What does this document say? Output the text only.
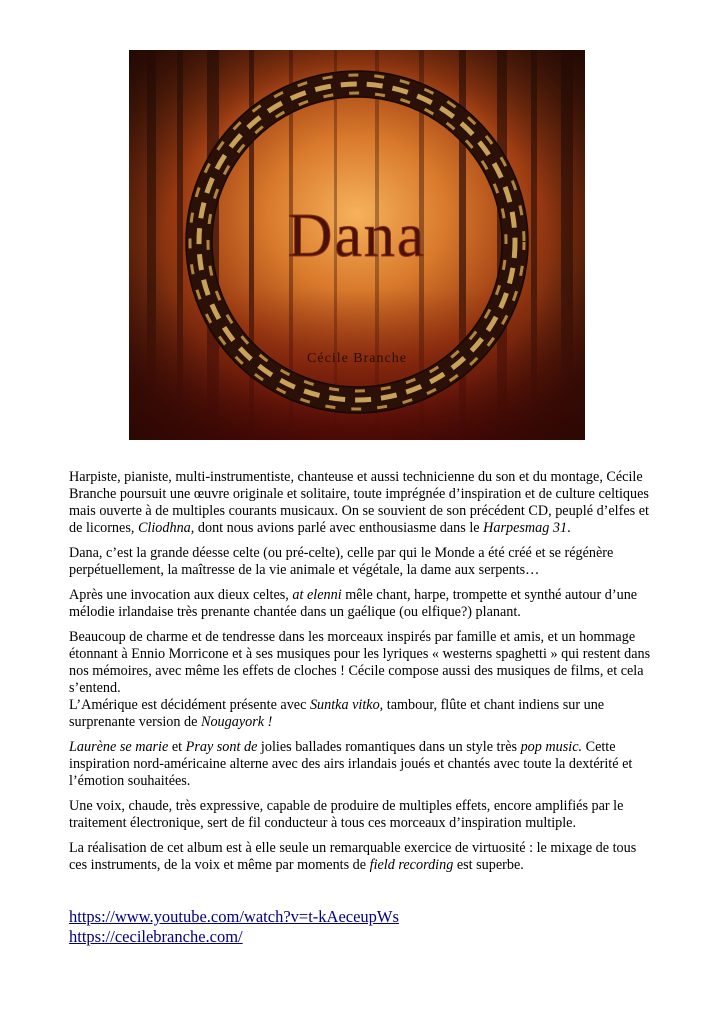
Dana
Cécile Branche

Harpiste, pianiste, multi-instrumentiste, chanteuse et aussi technicienne du son et du montage, Cécile Branche poursuit une œuvre originale et solitaire, toute imprégnée d’inspiration et de culture celtiques mais ouverte à de multiples courants musicaux. On se souvient de son précédent CD, peuplé d’elfes et de licornes, Cliodhna, dont nous avions parlé avec enthousiasme dans le Harpesmag 31.

Dana, c’est la grande déesse celte (ou pré-celte), celle par qui le Monde a été créé et se régénère perpétuellement, la maîtresse de la vie animale et végétale, la dame aux serpents…

Après une invocation aux dieux celtes, at elenni mêle chant, harpe, trompette et synthé autour d’une mélodie irlandaise très prenante chantée dans un gaélique (ou elfique?) planant.

Beaucoup de charme et de tendresse dans les morceaux inspirés par famille et amis, et un hommage étonnant à Ennio Morricone et à ses musiques pour les lyriques « westerns spaghetti » qui restent dans nos mémoires, avec même les effets de cloches ! Cécile compose aussi des musiques de films, et cela s’entend.

L’Amérique est décidément présente avec Suntka vitko, tambour, flûte et chant indiens sur une surprenante version de Nougayork !

Laurène se marie et Pray sont de jolies ballades romantiques dans un style très pop music. Cette inspiration nord-américaine alterne avec des airs irlandais joués et chantés avec toute la dextérité et l’émotion souhaitées.

Une voix, chaude, très expressive, capable de produire de multiples effets, encore amplifiés par le traitement électronique, sert de fil conducteur à tous ces morceaux d’inspiration multiple.

La réalisation de cet album est à elle seule un remarquable exercice de virtuosité : le mixage de tous ces instruments, de la voix et même par moments de field recording est superbe.

https://www.youtube.com/watch?v=t-kAeceupWs
https://cecilebranche.com/
